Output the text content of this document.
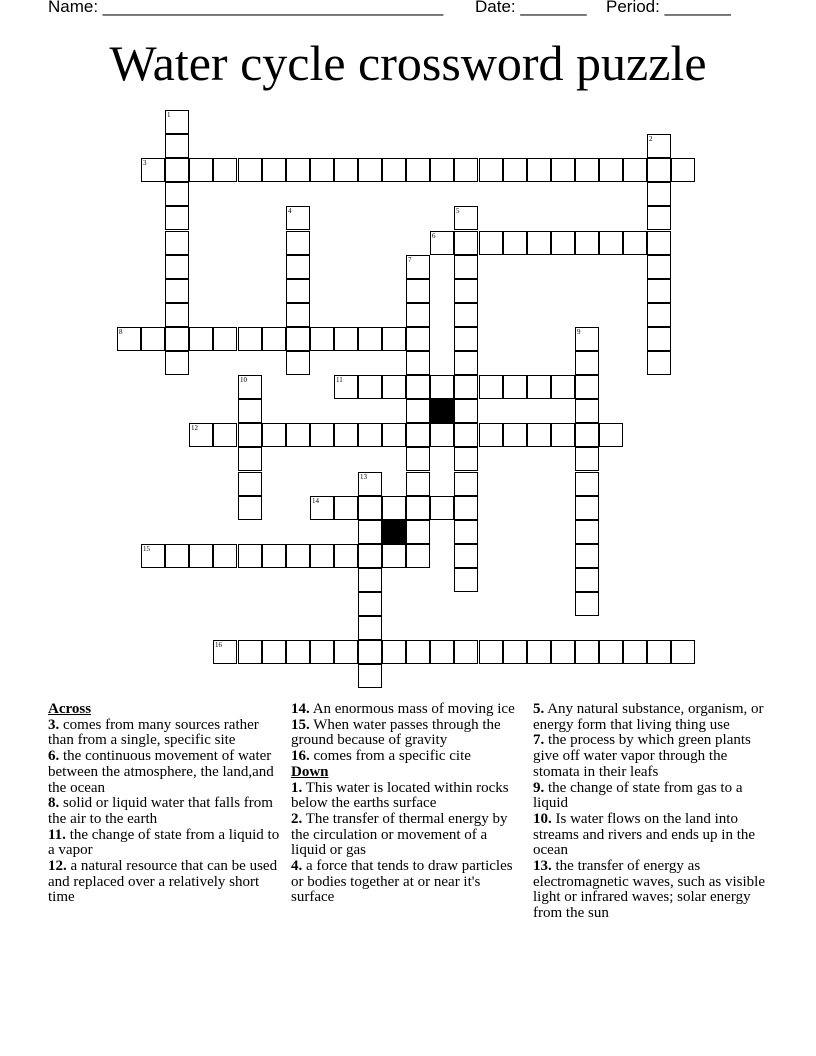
Name: ____________________________________ Date: _______ Period: _______
Water cycle crossword puzzle
1
2
3
4	5
6
7
8	9
10	11
12
13
14
15
16
Across
3. comes from many sources rather than from a single, specific site
6. the continuous movement of water between the atmosphere, the land,and the ocean
8. solid or liquid water that falls from the air to the earth
11. the change of state from a liquid to a vapor
12. a natural resource that can be used and replaced over a relatively short time
14. An enormous mass of moving ice
15. When water passes through the ground because of gravity
16. comes from a specific cite
Down
1. This water is located within rocks below the earths surface
2. The transfer of thermal energy by the circulation or movement of a liquid or gas
4. a force that tends to draw particles or bodies together at or near it's surface
5. Any natural substance, organism, or energy form that living thing use
7. the process by which green plants give off water vapor through the stomata in their leafs
9. the change of state from gas to a liquid
10. Is water flows on the land into streams and rivers and ends up in the ocean
13. the transfer of energy as electromagnetic waves, such as visible light or infrared waves; solar energy from the sun
